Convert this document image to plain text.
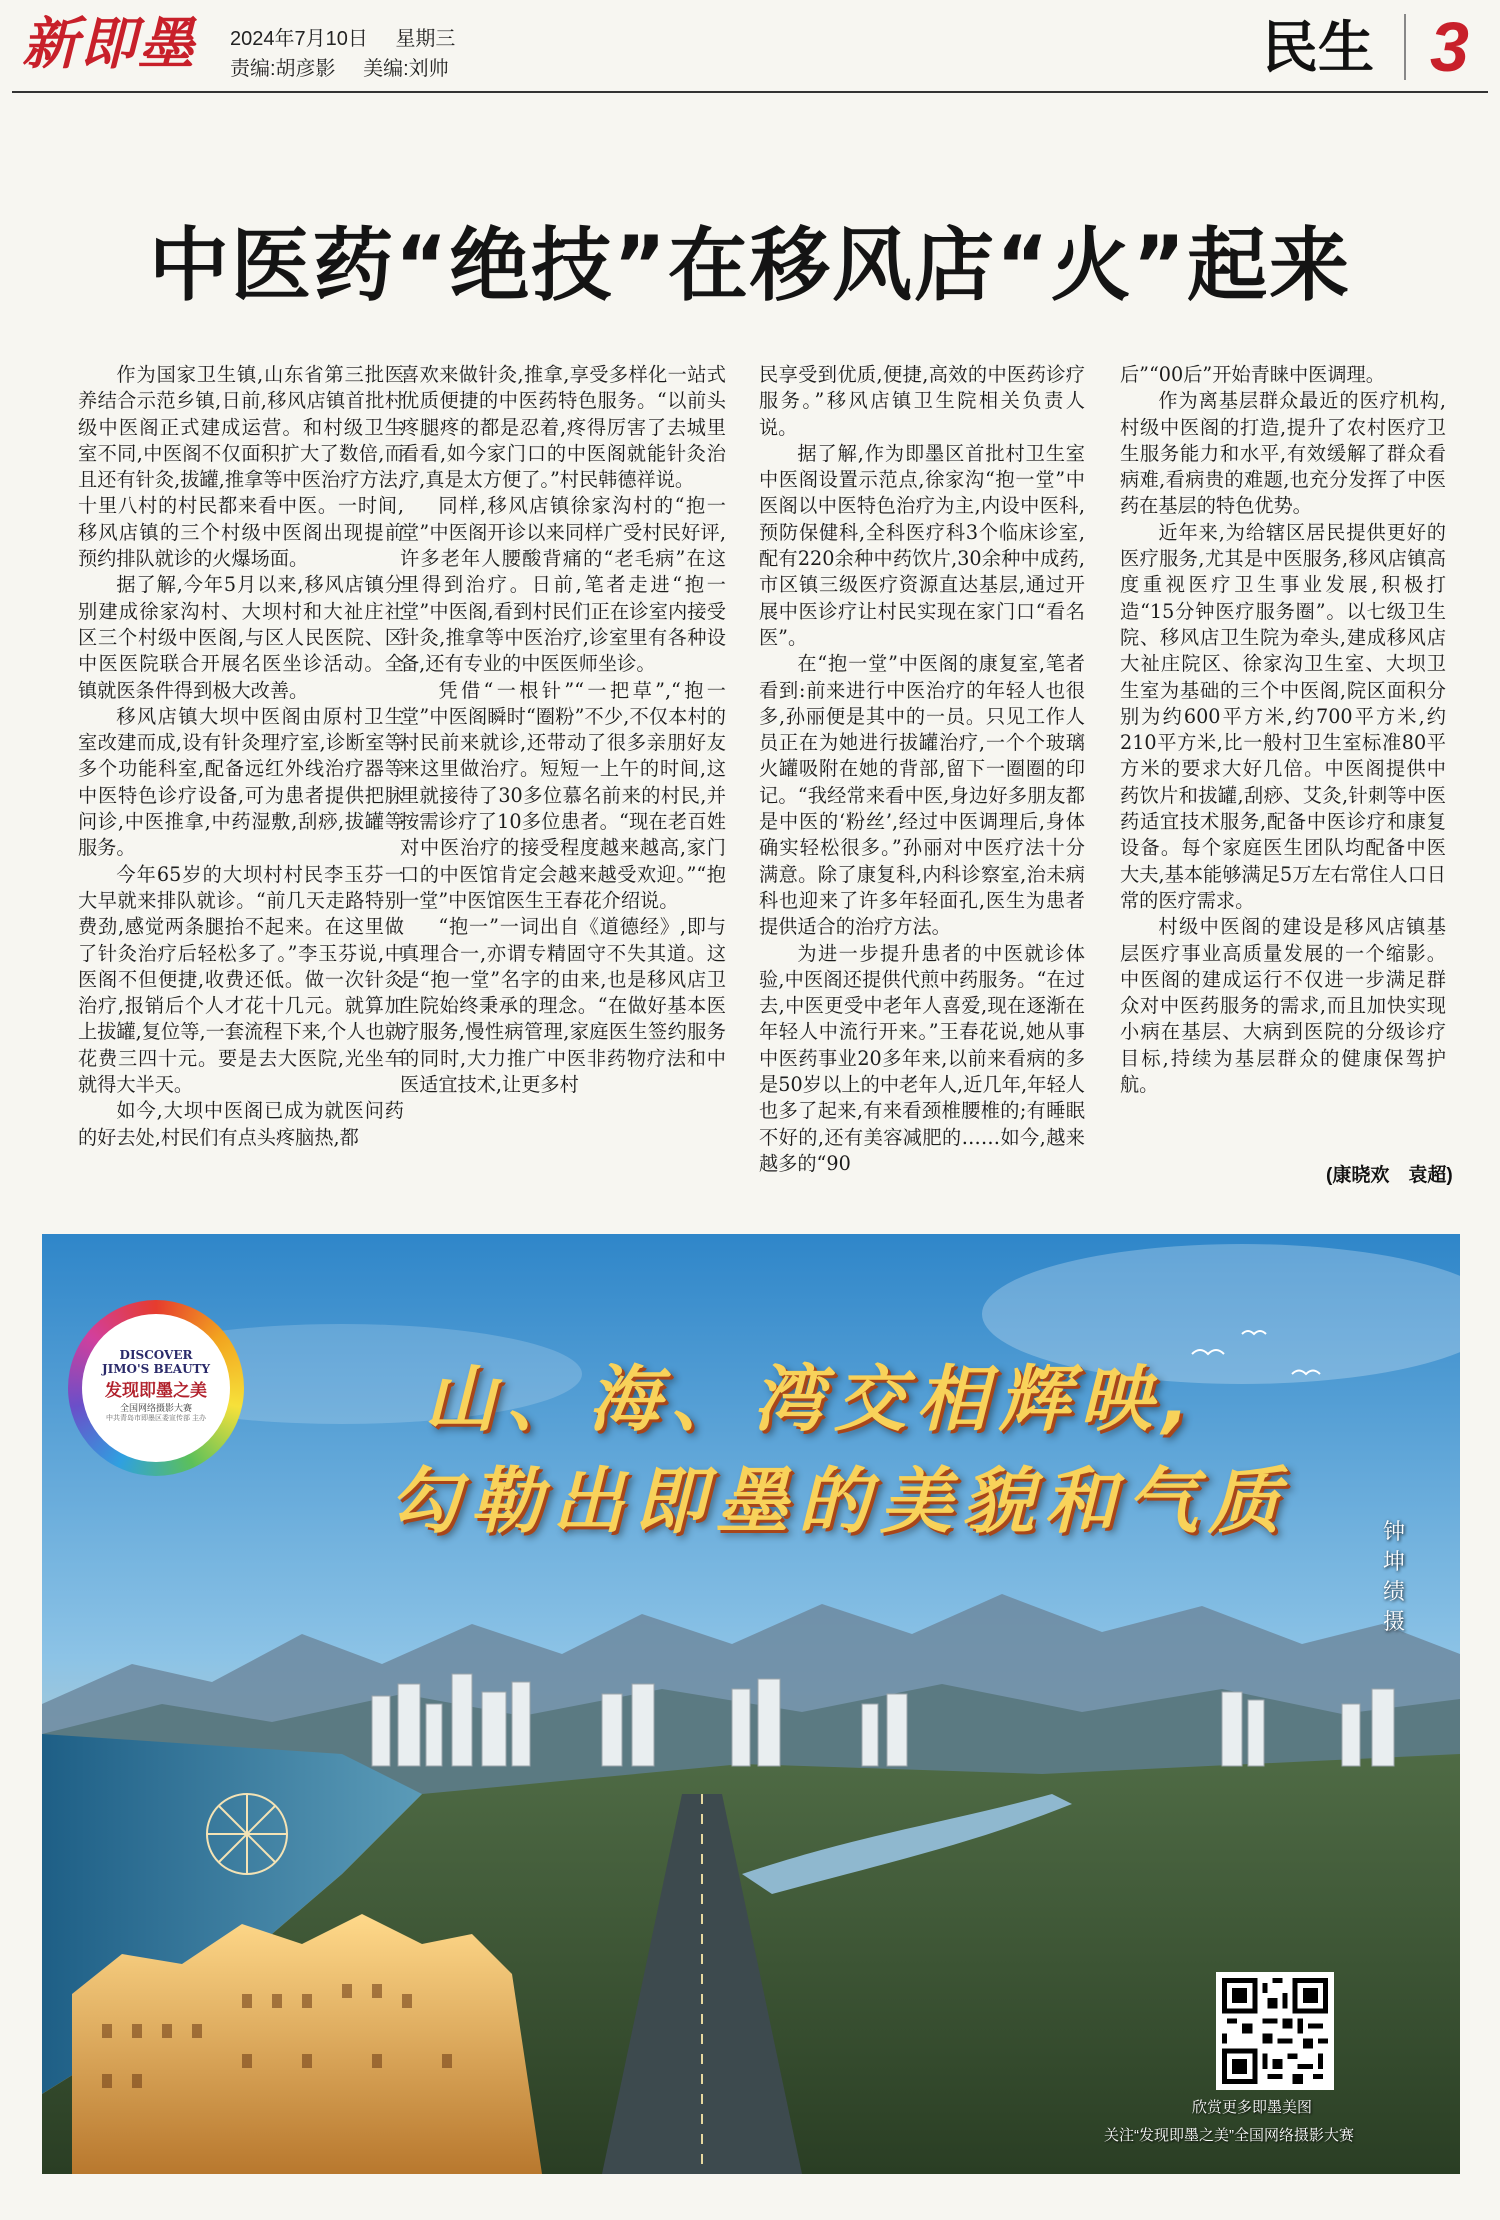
新即墨 2024年7月10日 星期三
责编:胡彦影 美编:刘帅	民生 3
中医药“绝技”在移风店“火”起来

作为国家卫生镇,山东省第三批医养结合示范乡镇,日前,移风店镇首批村级中医阁正式建成运营。和村级卫生室不同,中医阁不仅面积扩大了数倍,而且还有针灸,拔罐,推拿等中医治疗方法,十里八村的村民都来看中医。一时间,移风店镇的三个村级中医阁出现提前预约排队就诊的火爆场面。

据了解,今年5月以来,移风店镇分别建成徐家沟村、大坝村和大祉庄社区三个村级中医阁,与区人民医院、区中医医院联合开展名医坐诊活动。全镇就医条件得到极大改善。

移风店镇大坝中医阁由原村卫生室改建而成,设有针灸理疗室,诊断室等多个功能科室,配备远红外线治疗器等中医特色诊疗设备,可为患者提供把脉问诊,中医推拿,中药湿敷,刮痧,拔罐等服务。

今年65岁的大坝村村民李玉芬一大早就来排队就诊。“前几天走路特别费劲,感觉两条腿抬不起来。在这里做了针灸治疗后轻松多了。”李玉芬说,中医阁不但便捷,收费还低。做一次针灸治疗,报销后个人才花十几元。就算加上拔罐,复位等,一套流程下来,个人也就花费三四十元。要是去大医院,光坐车就得大半天。

如今,大坝中医阁已成为就医问药的好去处,村民们有点头疼脑热,都

喜欢来做针灸,推拿,享受多样化一站式优质便捷的中医药特色服务。“以前头疼腿疼的都是忍着,疼得厉害了去城里看看,如今家门口的中医阁就能针灸治疗,真是太方便了。”村民韩德祥说。

同样,移风店镇徐家沟村的“抱一堂”中医阁开诊以来同样广受村民好评,许多老年人腰酸背痛的“老毛病”在这里得到治疗。日前,笔者走进“抱一堂”中医阁,看到村民们正在诊室内接受针灸,推拿等中医治疗,诊室里有各种设备,还有专业的中医医师坐诊。

凭借“一根针”“一把草”,“抱一堂”中医阁瞬时“圈粉”不少,不仅本村的村民前来就诊,还带动了很多亲朋好友来这里做治疗。短短一上午的时间,这里就接待了30多位慕名前来的村民,并按需诊疗了10多位患者。“现在老百姓对中医治疗的接受程度越来越高,家门口的中医馆肯定会越来越受欢迎。”“抱一堂”中医馆医生王春花介绍说。

“抱一”一词出自《道德经》,即与真理合一,亦谓专精固守不失其道。这是“抱一堂”名字的由来,也是移风店卫生院始终秉承的理念。“在做好基本医疗服务,慢性病管理,家庭医生签约服务的同时,大力推广中医非药物疗法和中医适宜技术,让更多村

民享受到优质,便捷,高效的中医药诊疗服务。”移风店镇卫生院相关负责人说。

据了解,作为即墨区首批村卫生室中医阁设置示范点,徐家沟“抱一堂”中医阁以中医特色治疗为主,内设中医科,预防保健科,全科医疗科3个临床诊室,配有220余种中药饮片,30余种中成药,市区镇三级医疗资源直达基层,通过开展中医诊疗让村民实现在家门口“看名医”。

在“抱一堂”中医阁的康复室,笔者看到:前来进行中医治疗的年轻人也很多,孙丽便是其中的一员。只见工作人员正在为她进行拔罐治疗,一个个玻璃火罐吸附在她的背部,留下一圈圈的印记。“我经常来看中医,身边好多朋友都是中医的‘粉丝’,经过中医调理后,身体确实轻松很多。”孙丽对中医疗法十分满意。除了康复科,内科诊察室,治未病科也迎来了许多年轻面孔,医生为患者提供适合的治疗方法。

为进一步提升患者的中医就诊体验,中医阁还提供代煎中药服务。“在过去,中医更受中老年人喜爱,现在逐渐在年轻人中流行开来。”王春花说,她从事中医药事业20多年来,以前来看病的多是50岁以上的中老年人,近几年,年轻人也多了起来,有来看颈椎腰椎的;有睡眠不好的,还有美容减肥的……如今,越来越多的“90

后”“00后”开始青睐中医调理。

作为离基层群众最近的医疗机构,村级中医阁的打造,提升了农村医疗卫生服务能力和水平,有效缓解了群众看病难,看病贵的难题,也充分发挥了中医药在基层的特色优势。

近年来,为给辖区居民提供更好的医疗服务,尤其是中医服务,移风店镇高度重视医疗卫生事业发展,积极打造“15分钟医疗服务圈”。以七级卫生院、移风店卫生院为牵头,建成移风店大祉庄院区、徐家沟卫生室、大坝卫生室为基础的三个中医阁,院区面积分别为约600平方米,约700平方米,约210平方米,比一般村卫生室标准80平方米的要求大好几倍。中医阁提供中药饮片和拔罐,刮痧、艾灸,针刺等中医药适宜技术服务,配备中医诊疗和康复设备。每个家庭医生团队均配备中医大夫,基本能够满足5万左右常住人口日常的医疗需求。

村级中医阁的建设是移风店镇基层医疗事业高质量发展的一个缩影。中医阁的建成运行不仅进一步满足群众对中医药服务的需求,而且加快实现小病在基层、大病到医院的分级诊疗目标,持续为基层群众的健康保驾护航。

(康晓欢　袁超)
DISCOVER
JIMO'S BEAUTY
发现即墨之美
全国网络摄影大赛
中共青岛市即墨区委宣传部 主办	山、海、湾交相辉映,
勾勒出即墨的美貌和气质	钟坤绩摄
欣赏更多即墨美图
关注“发现即墨之美”全国网络摄影大赛
